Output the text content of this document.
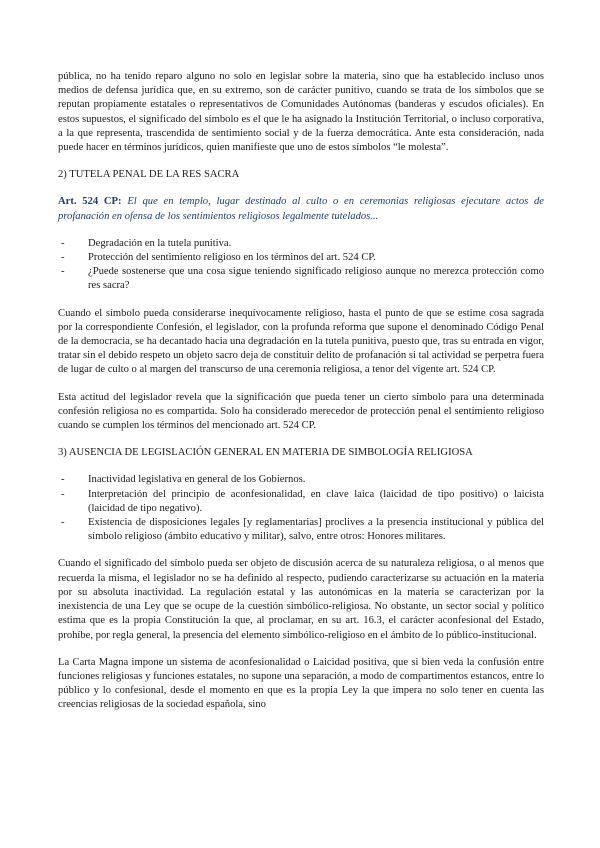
pública, no ha tenido reparo alguno no solo en legislar sobre la materia, sino que ha establecido incluso unos medios de defensa jurídica que, en su extremo, son de carácter punitivo, cuando se trata de los símbolos que se reputan propiamente estatales o representativos de Comunidades Autónomas (banderas y escudos oficiales). En estos supuestos, el significado del símbolo es el que le ha asignado la Institución Territorial, o incluso corporativa, a la que representa, trascendida de sentimiento social y de la fuerza democrática. Ante esta consideración, nada puede hacer en términos jurídicos, quien manifieste que uno de estos símbolos “le molesta”.

2) TUTELA PENAL DE LA RES SACRA

Art. 524 CP: El que en templo, lugar destinado al culto o en ceremonias religiosas ejecutare actos de profanación en ofensa de los sentimientos religiosos legalmente tutelados...

- Degradación en la tutela punitiva.
- Protección del sentimiento religioso en los términos del art. 524 CP.
- ¿Puede sostenerse que una cosa sigue teniendo significado religioso aunque no merezca protección como res sacra?

Cuando el símbolo pueda considerarse inequívocamente religioso, hasta el punto de que se estime cosa sagrada por la correspondiente Confesión, el legislador, con la profunda reforma que supone el denominado Código Penal de la democracia, se ha decantado hacia una degradación en la tutela punitiva, puesto que, tras su entrada en vigor, tratar sin el debido respeto un objeto sacro deja de constituir delito de profanación si tal actividad se perpetra fuera de lugar de culto o al margen del transcurso de una ceremonia religiosa, a tenor del vigente art. 524 CP.

Esta actitud del legislador revela que la significación que pueda tener un cierto símbolo para una determinada confesión religiosa no es compartida. Solo ha considerado merecedor de protección penal el sentimiento religioso cuando se cumplen los términos del mencionado art. 524 CP.

3) AUSENCIA DE LEGISLACIÓN GENERAL EN MATERIA DE SIMBOLOGÍA RELIGIOSA

- Inactividad legislativa en general de los Gobiernos.
- Interpretación del principio de aconfesionalidad, en clave laica (laicidad de tipo positivo) o laicista (laicidad de tipo negativo).
- Existencia de disposiciones legales [y reglamentarias] proclives a la presencia institucional y pública del símbolo religioso (ámbito educativo y militar), salvo, entre otros: Honores militares.

Cuando el significado del símbolo pueda ser objeto de discusión acerca de su naturaleza religiosa, o al menos que recuerda la misma, el legislador no se ha definido al respecto, pudiendo caracterizarse su actuación en la materia por su absoluta inactividad. La regulación estatal y las autonómicas en la materia se caracterizan por la inexistencia de una Ley que se ocupe de la cuestión simbólico-religiosa. No obstante, un sector social y político estima que es la propia Constitución la que, al proclamar, en su art. 16.3, el carácter aconfesional del Estado, prohíbe, por regla general, la presencia del elemento simbólico-religioso en el ámbito de lo público-institucional.

La Carta Magna impone un sistema de aconfesionalidad o Laicidad positiva, que si bien veda la confusión entre funciones religiosas y funciones estatales, no supone una separación, a modo de compartimentos estancos, entre lo público y lo confesional, desde el momento en que es la propia Ley la que impera no solo tener en cuenta las creencias religiosas de la sociedad española, sino
